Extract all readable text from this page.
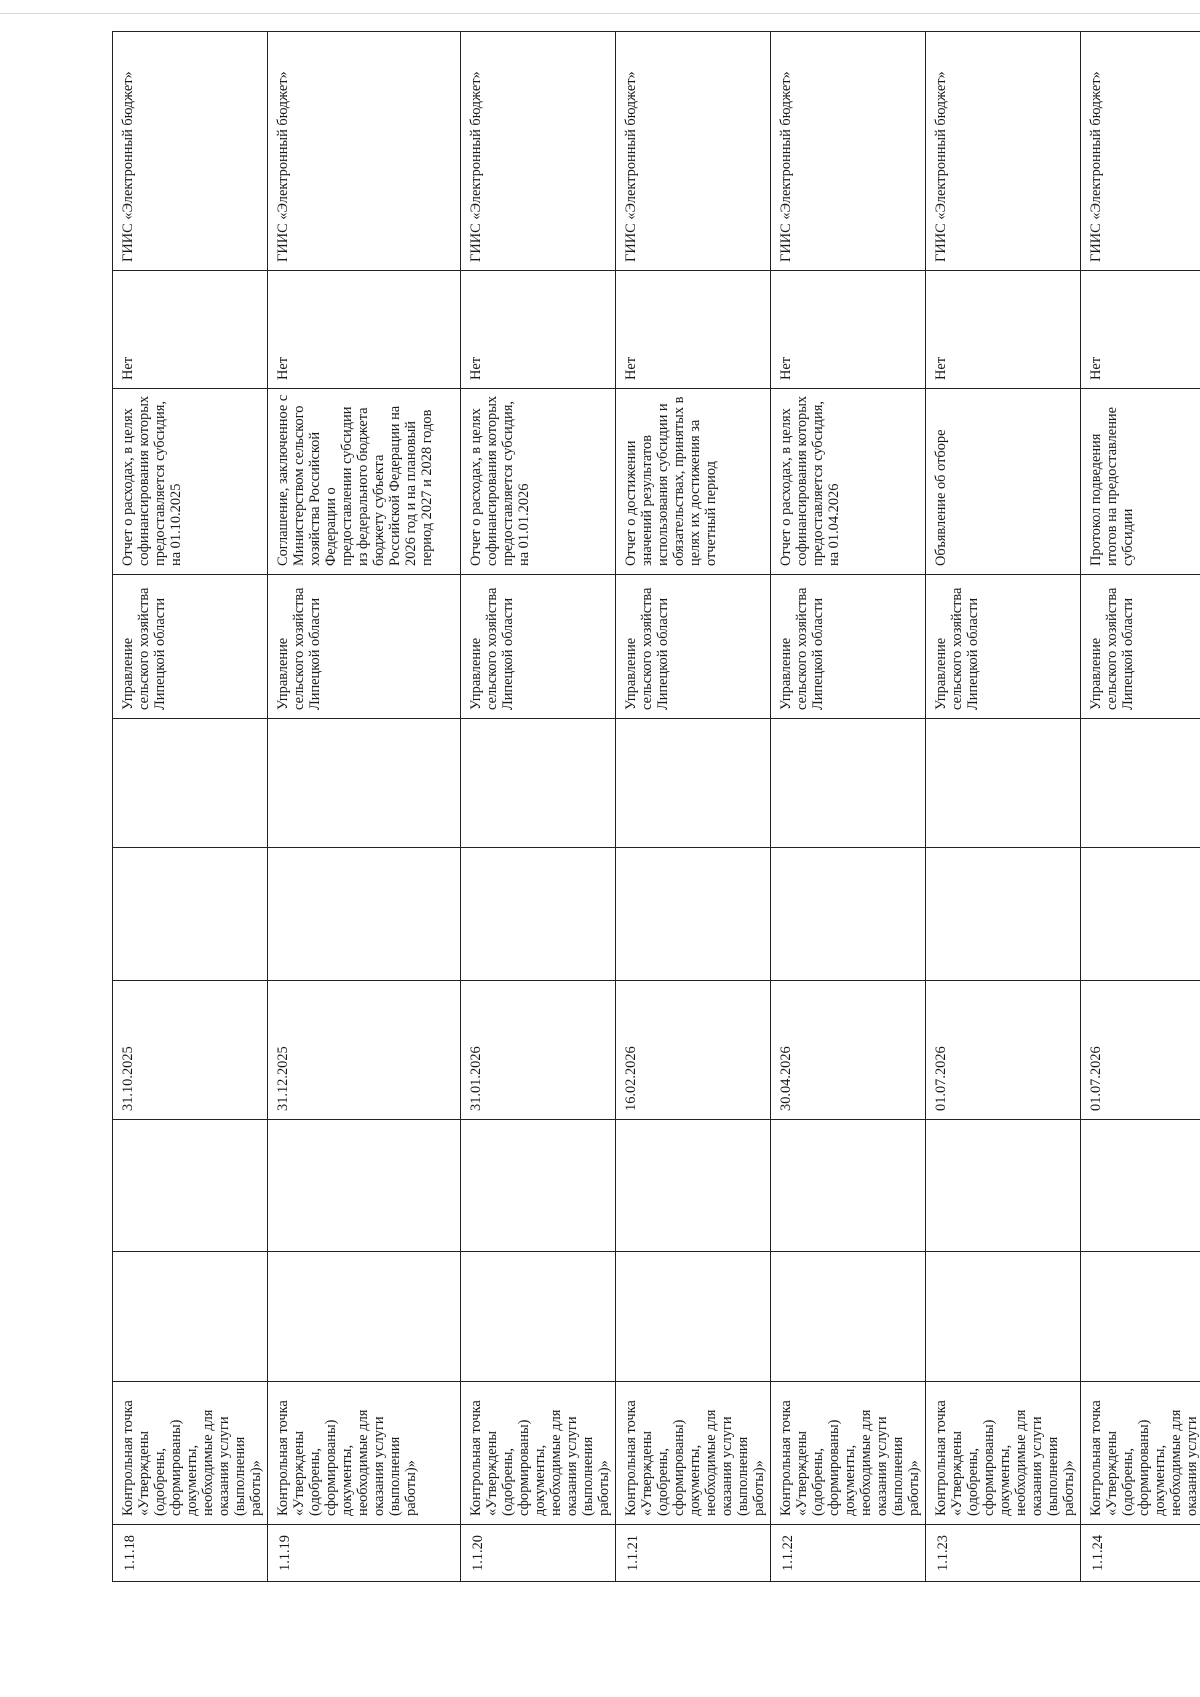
1.1.18	Контрольная точка «Утверждены (одобрены, сформированы) документы, необходимые для оказания услуги (выполнения работы)»			31.10.2025			Управление сельского хозяйства Липецкой области	Отчет о расходах, в целях софинансирования которых предоставляется субсидия, на 01.10.2025	Нет	ГИИС «Электронный бюджет»
1.1.19	Контрольная точка «Утверждены (одобрены, сформированы) документы, необходимые для оказания услуги (выполнения работы)»			31.12.2025			Управление сельского хозяйства Липецкой области	Соглашение, заключенное с Министерством сельского хозяйства Российской Федерации о предоставлении субсидии из федерального бюджета бюджету субъекта Российской Федерации на 2026 год и на плановый период 2027 и 2028 годов	Нет	ГИИС «Электронный бюджет»
1.1.20	Контрольная точка «Утверждены (одобрены, сформированы) документы, необходимые для оказания услуги (выполнения работы)»			31.01.2026			Управление сельского хозяйства Липецкой области	Отчет о расходах, в целях софинансирования которых предоставляется субсидия, на 01.01.2026	Нет	ГИИС «Электронный бюджет»
1.1.21	Контрольная точка «Утверждены (одобрены, сформированы) документы, необходимые для оказания услуги (выполнения работы)»			16.02.2026			Управление сельского хозяйства Липецкой области	Отчет о достижении значений результатов использования субсидии и обязательствах, принятых в целях их достижения за отчетный период	Нет	ГИИС «Электронный бюджет»
1.1.22	Контрольная точка «Утверждены (одобрены, сформированы) документы, необходимые для оказания услуги (выполнения работы)»			30.04.2026			Управление сельского хозяйства Липецкой области	Отчет о расходах, в целях софинансирования которых предоставляется субсидия, на 01.04.2026	Нет	ГИИС «Электронный бюджет»
1.1.23	Контрольная точка «Утверждены (одобрены, сформированы) документы, необходимые для оказания услуги (выполнения работы)»			01.07.2026			Управление сельского хозяйства Липецкой области	Объявление об отборе	Нет	ГИИС «Электронный бюджет»
1.1.24	Контрольная точка «Утверждены (одобрены, сформированы) документы, необходимые для оказания услуги			01.07.2026			Управление сельского хозяйства Липецкой области	Протокол подведения итогов на предоставление субсидии	Нет	ГИИС «Электронный бюджет»
